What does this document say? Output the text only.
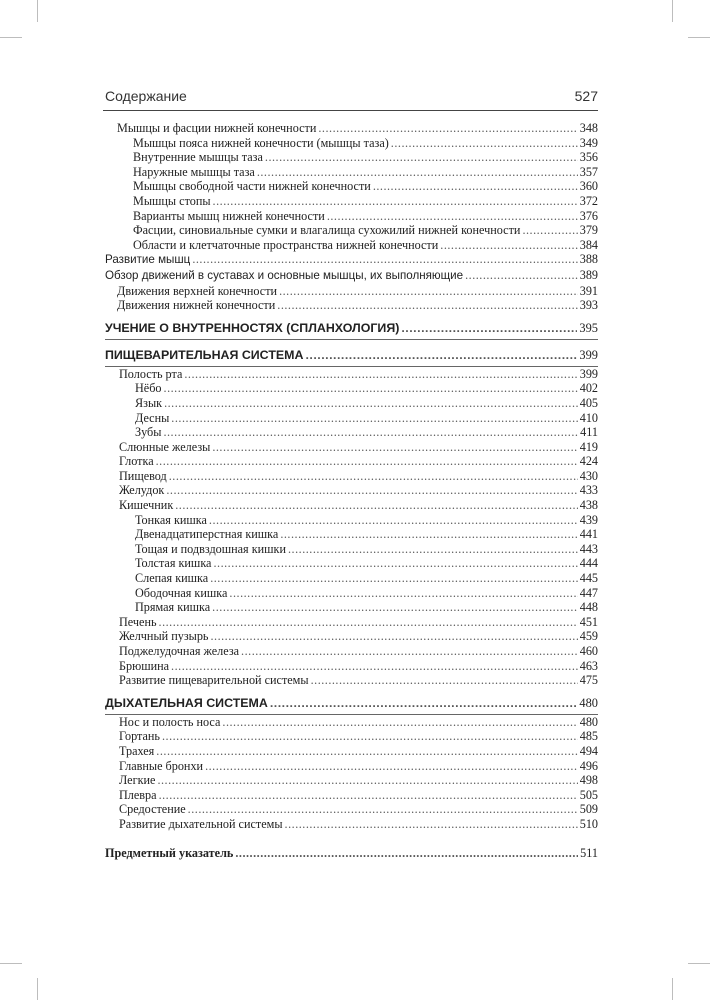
Содержание	527
Мышцы и фасции нижней конечности .....	348
Мышцы пояса нижней конечности (мышцы таза) .....	349
Внутренние мышцы таза .....	356
Наружные мышцы таза .....	357
Мышцы свободной части нижней конечности .....	360
Мышцы стопы .....	372
Варианты мышц нижней конечности .....	376
Фасции, синовиальные сумки и влагалища сухожилий нижней конечности .....	379
Области и клетчаточные пространства нижней конечности .....	384
Развитие мышц .....	388
Обзор движений в суставах и основные мышцы, их выполняющие .....	389
Движения верхней конечности .....	391
Движения нижней конечности .....	393
УЧЕНИЕ О ВНУТРЕННОСТЯХ (СПЛАНХОЛОГИЯ) .....	395
ПИЩЕВАРИТЕЛЬНАЯ СИСТЕМА .....	399
Полость рта .....	399
Нёбо .....	402
Язык .....	405
Десны .....	410
Зубы .....	411
Слюнные железы .....	419
Глотка .....	424
Пищевод .....	430
Желудок .....	433
Кишечник .....	438
Тонкая кишка .....	439
Двенадцатиперстная кишка .....	441
Тощая и подвздошная кишки .....	443
Толстая кишка .....	444
Слепая кишка .....	445
Ободочная кишка .....	447
Прямая кишка .....	448
Печень .....	451
Желчный пузырь .....	459
Поджелудочная железа .....	460
Брюшина .....	463
Развитие пищеварительной системы .....	475
ДЫХАТЕЛЬНАЯ СИСТЕМА .....	480
Нос и полость носа .....	480
Гортань .....	485
Трахея .....	494
Главные бронхи .....	496
Легкие .....	498
Плевра .....	505
Средостение .....	509
Развитие дыхательной системы .....	510
Предметный указатель .....	511
